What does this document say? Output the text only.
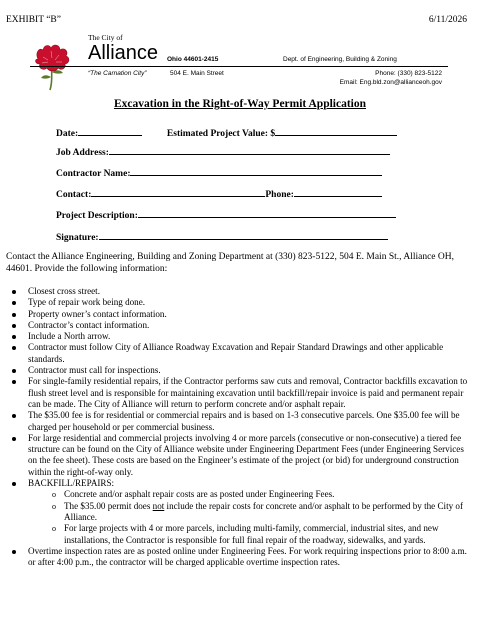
EXHIBIT “B”	6/11/2026
The City of
Alliance Ohio 44601-2415	Dept. of Engineering, Building & Zoning
“The Carnation City”	504 E. Main Street	Phone: (330) 823-5122
Email: Eng.bld.zon@allianceoh.gov
Excavation in the Right-of-Way Permit Application
Date:	Estimated Project Value: $
Job Address:
Contractor Name:
Contact:	Phone:
Project Description:
Signature:
Contact the Alliance Engineering, Building and Zoning Department at (330) 823-5122, 504 E. Main St., Alliance OH, 44601. Provide the following information:
Closest cross street.
Type of repair work being done.
Property owner’s contact information.
Contractor’s contact information.
Include a North arrow.
Contractor must follow City of Alliance Roadway Excavation and Repair Standard Drawings and other applicable standards.
Contractor must call for inspections.
For single-family residential repairs, if the Contractor performs saw cuts and removal, Contractor backfills excavation to flush street level and is responsible for maintaining excavation until backfill/repair invoice is paid and permanent repair can be made. The City of Alliance will return to perform concrete and/or asphalt repair.
The $35.00 fee is for residential or commercial repairs and is based on 1-3 consecutive parcels. One $35.00 fee will be charged per household or per commercial business.
For large residential and commercial projects involving 4 or more parcels (consecutive or non-consecutive) a tiered fee structure can be found on the City of Alliance website under Engineering Department Fees (under Engineering Services on the fee sheet). These costs are based on the Engineer’s estimate of the project (or bid) for underground construction within the right-of-way only.
BACKFILL/REPAIRS:
o Concrete and/or asphalt repair costs are as posted under Engineering Fees.
o The $35.00 permit does not include the repair costs for concrete and/or asphalt to be performed by the City of Alliance.
o For large projects with 4 or more parcels, including multi-family, commercial, industrial sites, and new installations, the Contractor is responsible for full final repair of the roadway, sidewalks, and yards.
Overtime inspection rates are as posted online under Engineering Fees. For work requiring inspections prior to 8:00 a.m. or after 4:00 p.m., the contractor will be charged applicable overtime inspection rates.
